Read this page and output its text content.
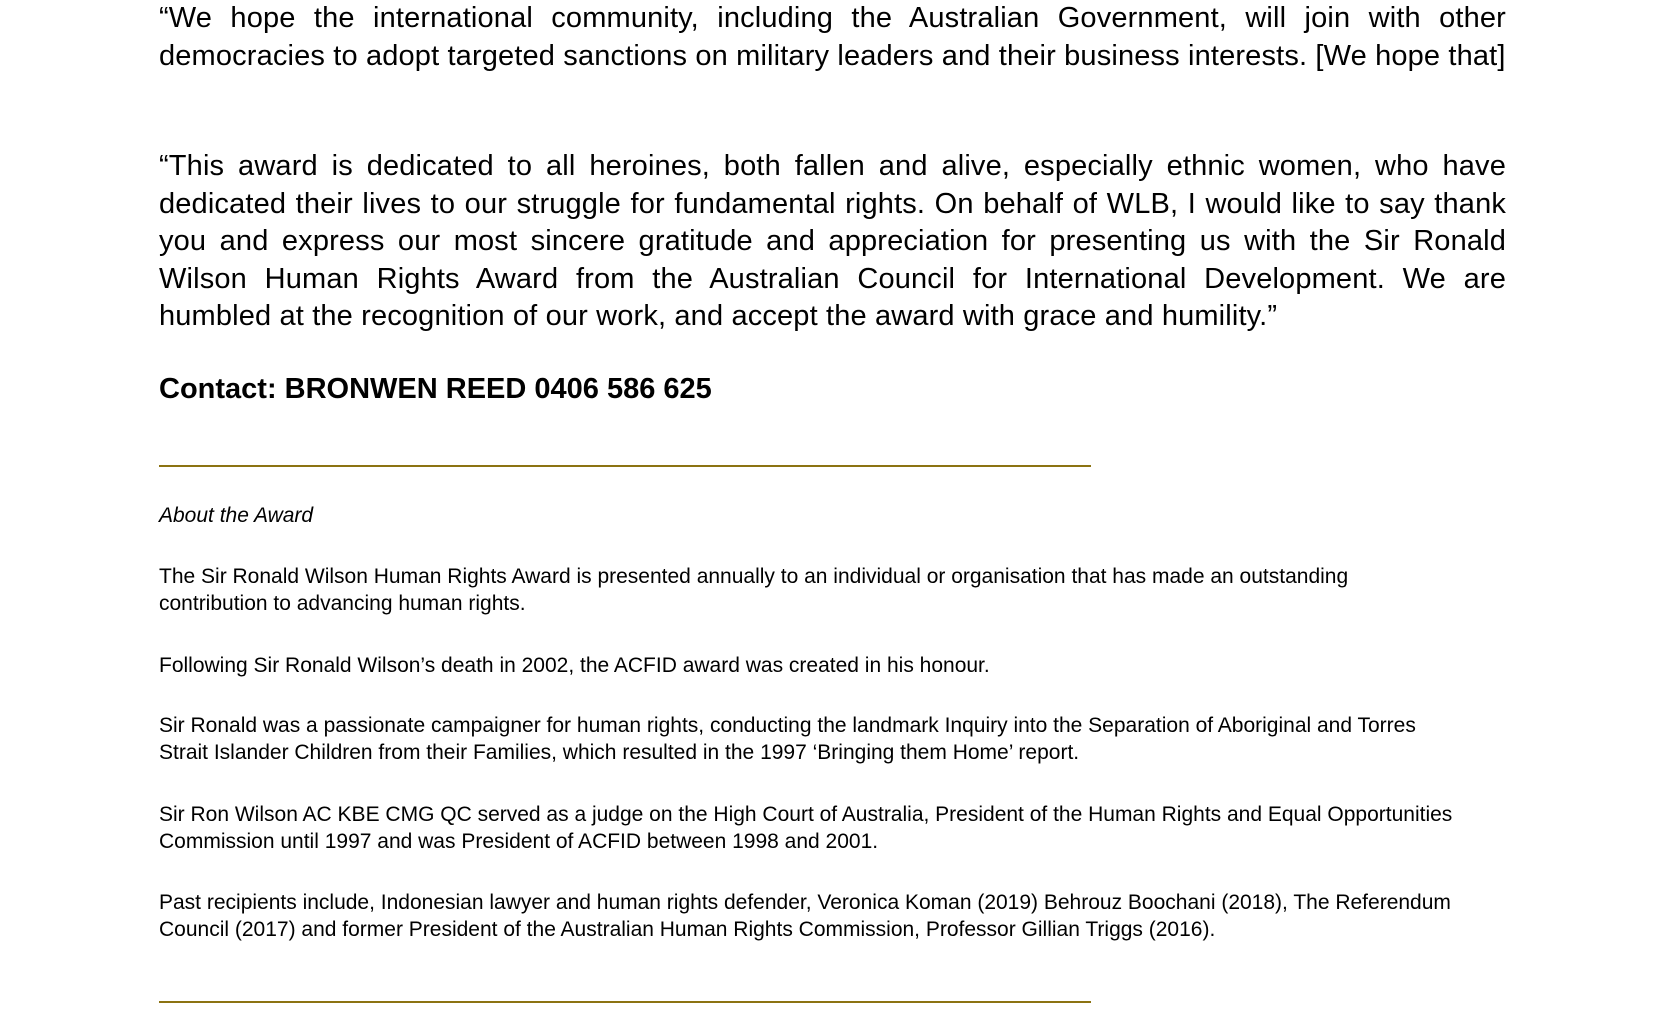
“We hope the international community, including the Australian Government, will join with other democracies to adopt targeted sanctions on military leaders and their business interests. [We hope that]

“This award is dedicated to all heroines, both fallen and alive, especially ethnic women, who have dedicated their lives to our struggle for fundamental rights. On behalf of WLB, I would like to say thank you and express our most sincere gratitude and appreciation for presenting us with the Sir Ronald Wilson Human Rights Award from the Australian Council for International Development. We are humbled at the recognition of our work, and accept the award with grace and humility.”

Contact: BRONWEN REED 0406 586 625

About the Award

The Sir Ronald Wilson Human Rights Award is presented annually to an individual or organisation that has made an outstanding contribution to advancing human rights.

Following Sir Ronald Wilson’s death in 2002, the ACFID award was created in his honour.

Sir Ronald was a passionate campaigner for human rights, conducting the landmark Inquiry into the Separation of Aboriginal and Torres Strait Islander Children from their Families, which resulted in the 1997 ‘Bringing them Home’ report.

Sir Ron Wilson AC KBE CMG QC served as a judge on the High Court of Australia, President of the Human Rights and Equal Opportunities Commission until 1997 and was President of ACFID between 1998 and 2001.

Past recipients include, Indonesian lawyer and human rights defender, Veronica Koman (2019) Behrouz Boochani (2018), The Referendum Council (2017) and former President of the Australian Human Rights Commission, Professor Gillian Triggs (2016).
